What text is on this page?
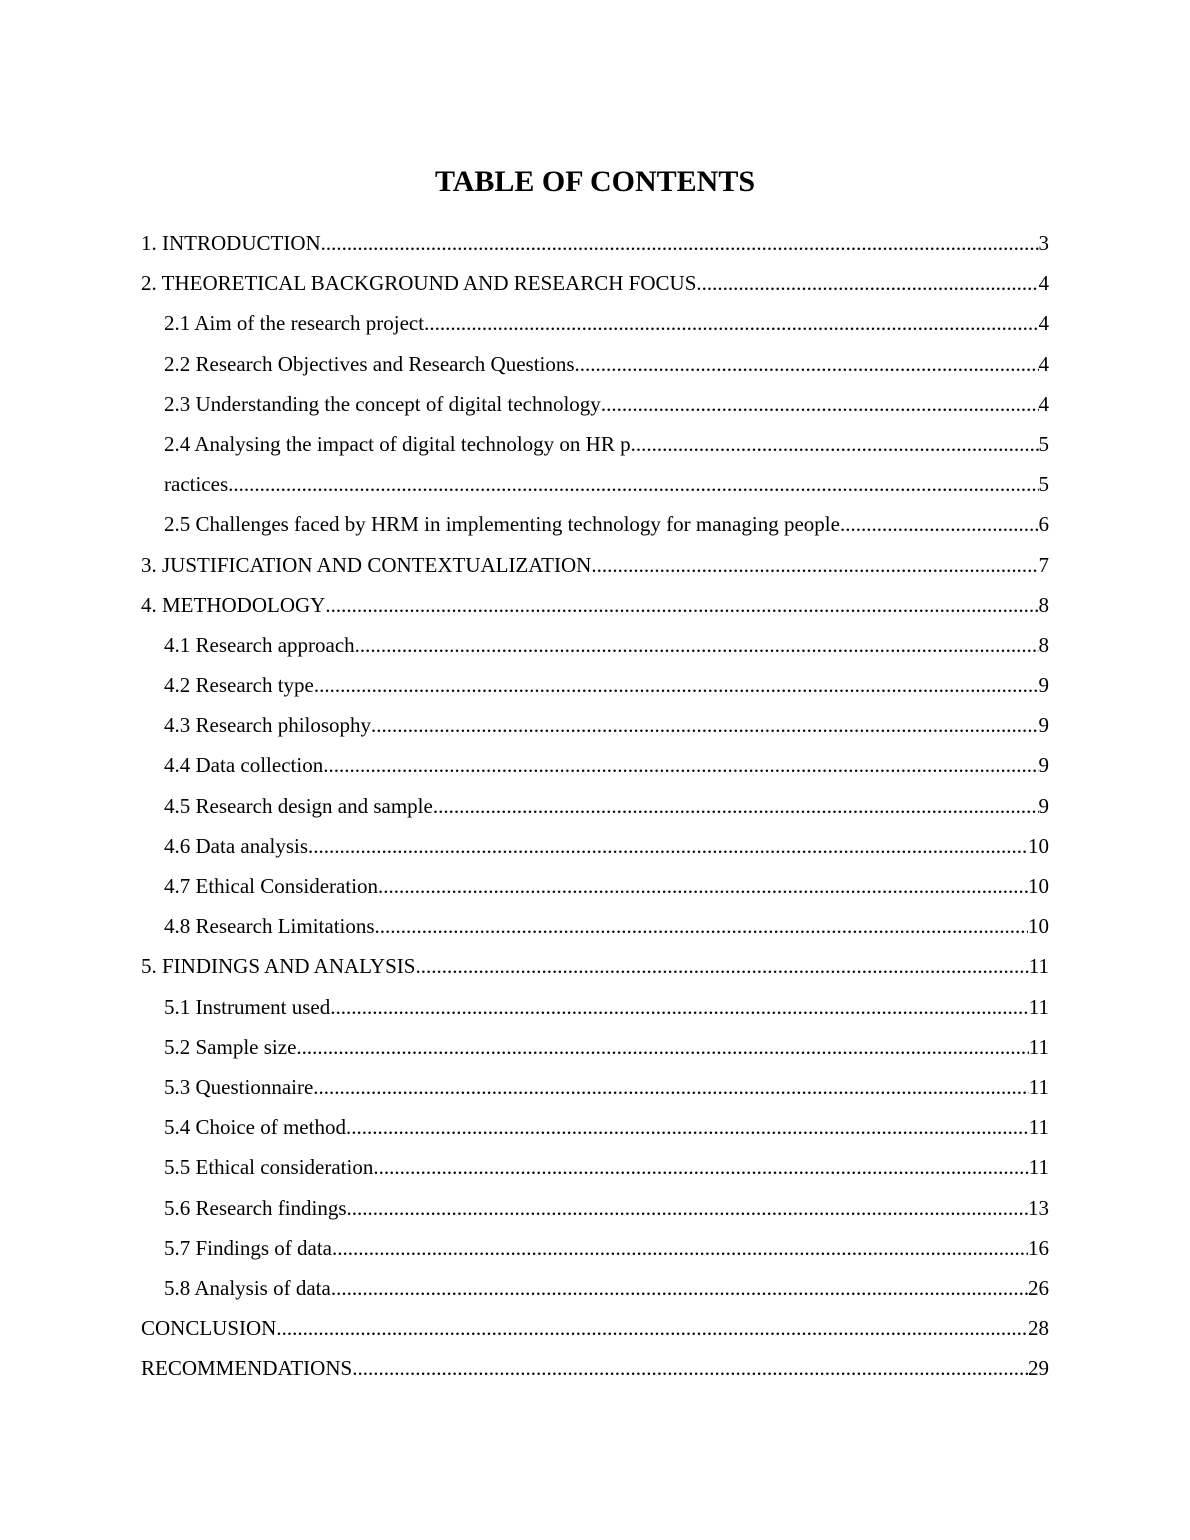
TABLE OF CONTENTS
1. INTRODUCTION .....	3
2. THEORETICAL BACKGROUND AND RESEARCH FOCUS .....	4
2.1 Aim of the research project .....	4
2.2 Research Objectives and Research Questions .....	4
2.3 Understanding the concept of digital technology .....	4
2.4 Analysing the impact of digital technology on HR p .....	5
ractices .....	5
2.5 Challenges faced by HRM in implementing technology for managing people .....	6
3. JUSTIFICATION AND CONTEXTUALIZATION .....	7
4. METHODOLOGY .....	8
4.1 Research approach .....	8
4.2 Research type .....	9
4.3 Research philosophy .....	9
4.4 Data collection .....	9
4.5 Research design and sample .....	9
4.6 Data analysis .....	10
4.7 Ethical Consideration .....	10
4.8 Research Limitations .....	10
5. FINDINGS AND ANALYSIS .....	11
5.1 Instrument used .....	11
5.2 Sample size .....	11
5.3 Questionnaire .....	11
5.4 Choice of method .....	11
5.5 Ethical consideration .....	11
5.6 Research findings .....	13
5.7 Findings of data .....	16
5.8 Analysis of data .....	26
CONCLUSION .....	28
RECOMMENDATIONS .....	29
